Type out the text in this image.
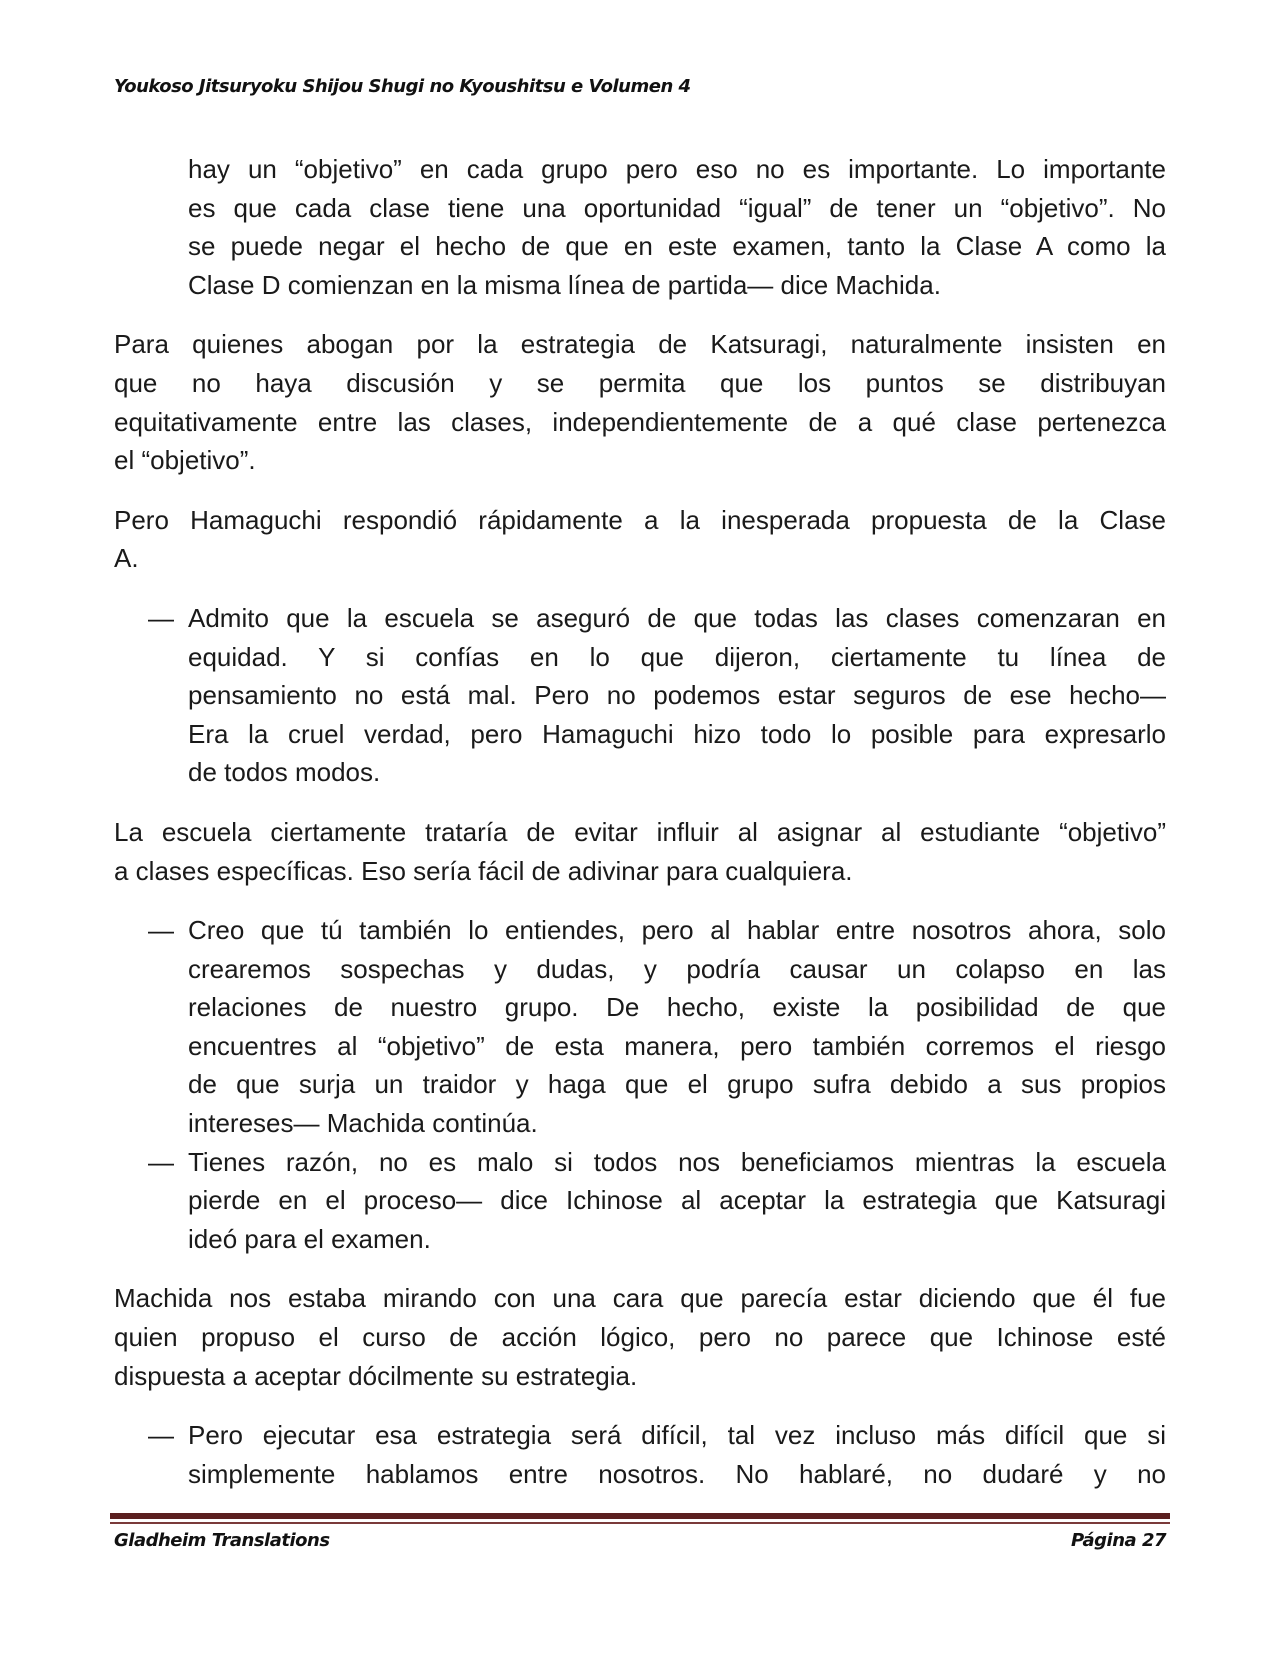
Youkoso Jitsuryoku Shijou Shugi no Kyoushitsu e Volumen 4
hay un “objetivo” en cada grupo pero eso no es importante. Lo importante
es que cada clase tiene una oportunidad “igual” de tener un “objetivo”. No
se puede negar el hecho de que en este examen, tanto la Clase A como la
Clase D comienzan en la misma línea de partida— dice Machida.
Para quienes abogan por la estrategia de Katsuragi, naturalmente insisten en
que no haya discusión y se permita que los puntos se distribuyan
equitativamente entre las clases, independientemente de a qué clase pertenezca
el “objetivo”.
Pero Hamaguchi respondió rápidamente a la inesperada propuesta de la Clase
A.
— Admito que la escuela se aseguró de que todas las clases comenzaran en
equidad. Y si confías en lo que dijeron, ciertamente tu línea de
pensamiento no está mal. Pero no podemos estar seguros de ese hecho—
Era la cruel verdad, pero Hamaguchi hizo todo lo posible para expresarlo
de todos modos.
La escuela ciertamente trataría de evitar influir al asignar al estudiante “objetivo”
a clases específicas. Eso sería fácil de adivinar para cualquiera.
— Creo que tú también lo entiendes, pero al hablar entre nosotros ahora, solo
crearemos sospechas y dudas, y podría causar un colapso en las
relaciones de nuestro grupo. De hecho, existe la posibilidad de que
encuentres al “objetivo” de esta manera, pero también corremos el riesgo
de que surja un traidor y haga que el grupo sufra debido a sus propios
intereses— Machida continúa.
— Tienes razón, no es malo si todos nos beneficiamos mientras la escuela
pierde en el proceso— dice Ichinose al aceptar la estrategia que Katsuragi
ideó para el examen.
Machida nos estaba mirando con una cara que parecía estar diciendo que él fue
quien propuso el curso de acción lógico, pero no parece que Ichinose esté
dispuesta a aceptar dócilmente su estrategia.
— Pero ejecutar esa estrategia será difícil, tal vez incluso más difícil que si
simplemente hablamos entre nosotros. No hablaré, no dudaré y no
Gladheim Translations	Página 27
